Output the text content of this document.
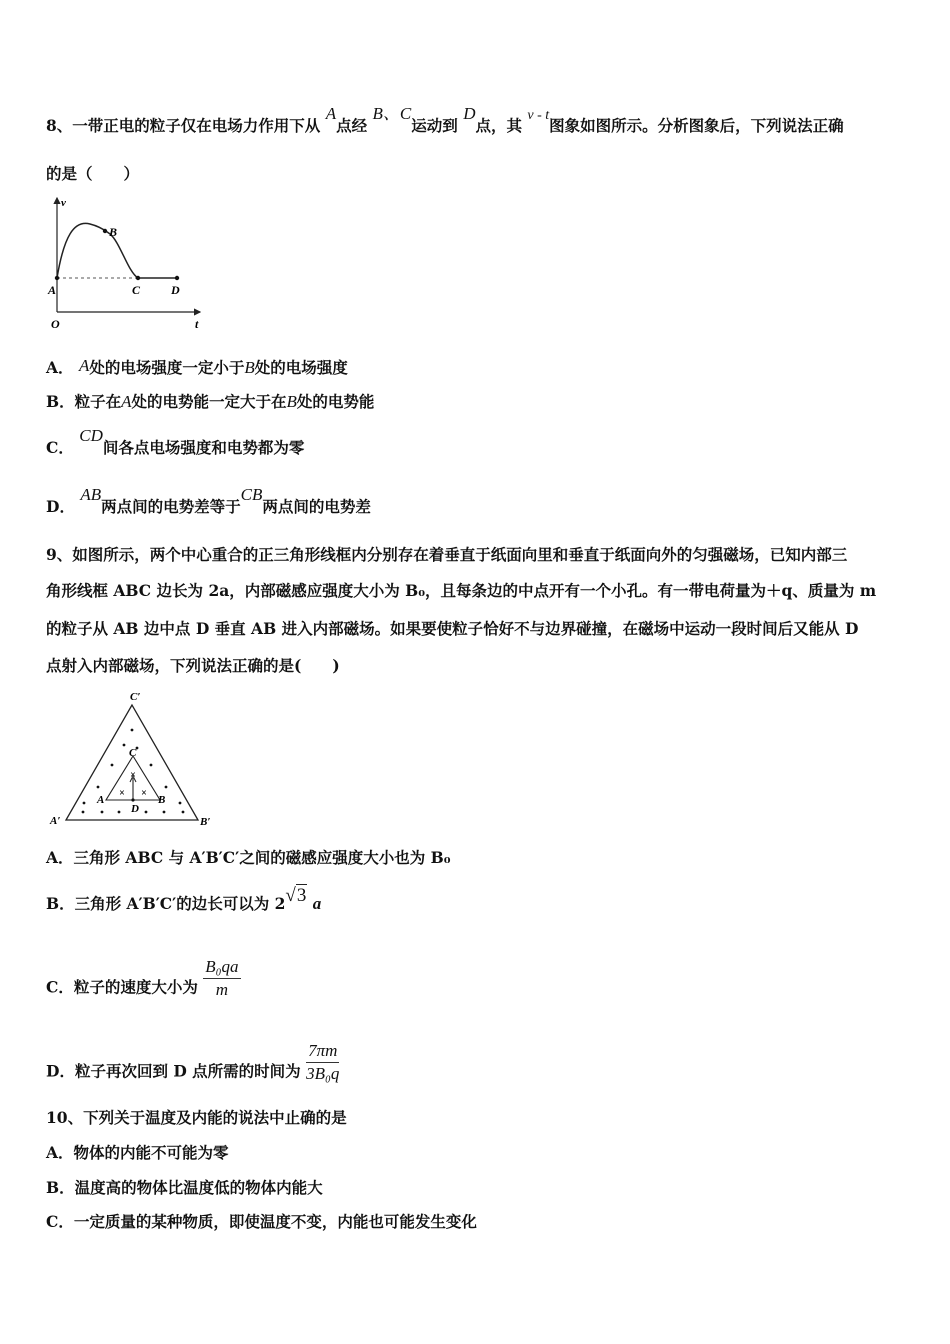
8、一带正电的粒子仅在电场力作用下从 A点经 B、C运动到 D点，其 v - t图象如图所示。分析图象后，下列说法正确
的是（　　）
v
A
B
C	D
O	t
A． A处的电场强度一定小于B处的电场强度
B．粒子在A处的电势能一定大于在B处的电势能
C． CD间各点电场强度和电势都为零
D． AB两点间的电势差等于CB两点间的电势差
9、如图所示，两个中心重合的正三角形线框内分别存在着垂直于纸面向里和垂直于纸面向外的匀强磁场，已知内部三
角形线框 ABC 边长为 2a，内部磁感应强度大小为 B₀，且每条边的中点开有一个小孔。有一带电荷量为＋q、质量为 m
的粒子从 AB 边中点 D 垂直 AB 进入内部磁场。如果要使粒子恰好不与边界碰撞，在磁场中运动一段时间后又能从 D
点射入内部磁场，下列说法正确的是(　　)
×
× ×
C′
A′	B′
C
A	B
D
A．三角形 ABC 与 A′B′C′之间的磁感应强度大小也为 B₀
B．三角形 A′B′C′的边长可以为 2√3 a
C．粒子的速度大小为 $\frac{\text{B₀qa}}{m}$
D．粒子再次回到 D 点所需的时间为 $\frac{7\pi m}{\text{3B₀q}}$
10、下列关于温度及内能的说法中止确的是
A．物体的内能不可能为零
B．温度高的物体比温度低的物体内能大
C．一定质量的某种物质，即使温度不变，内能也可能发生变化
